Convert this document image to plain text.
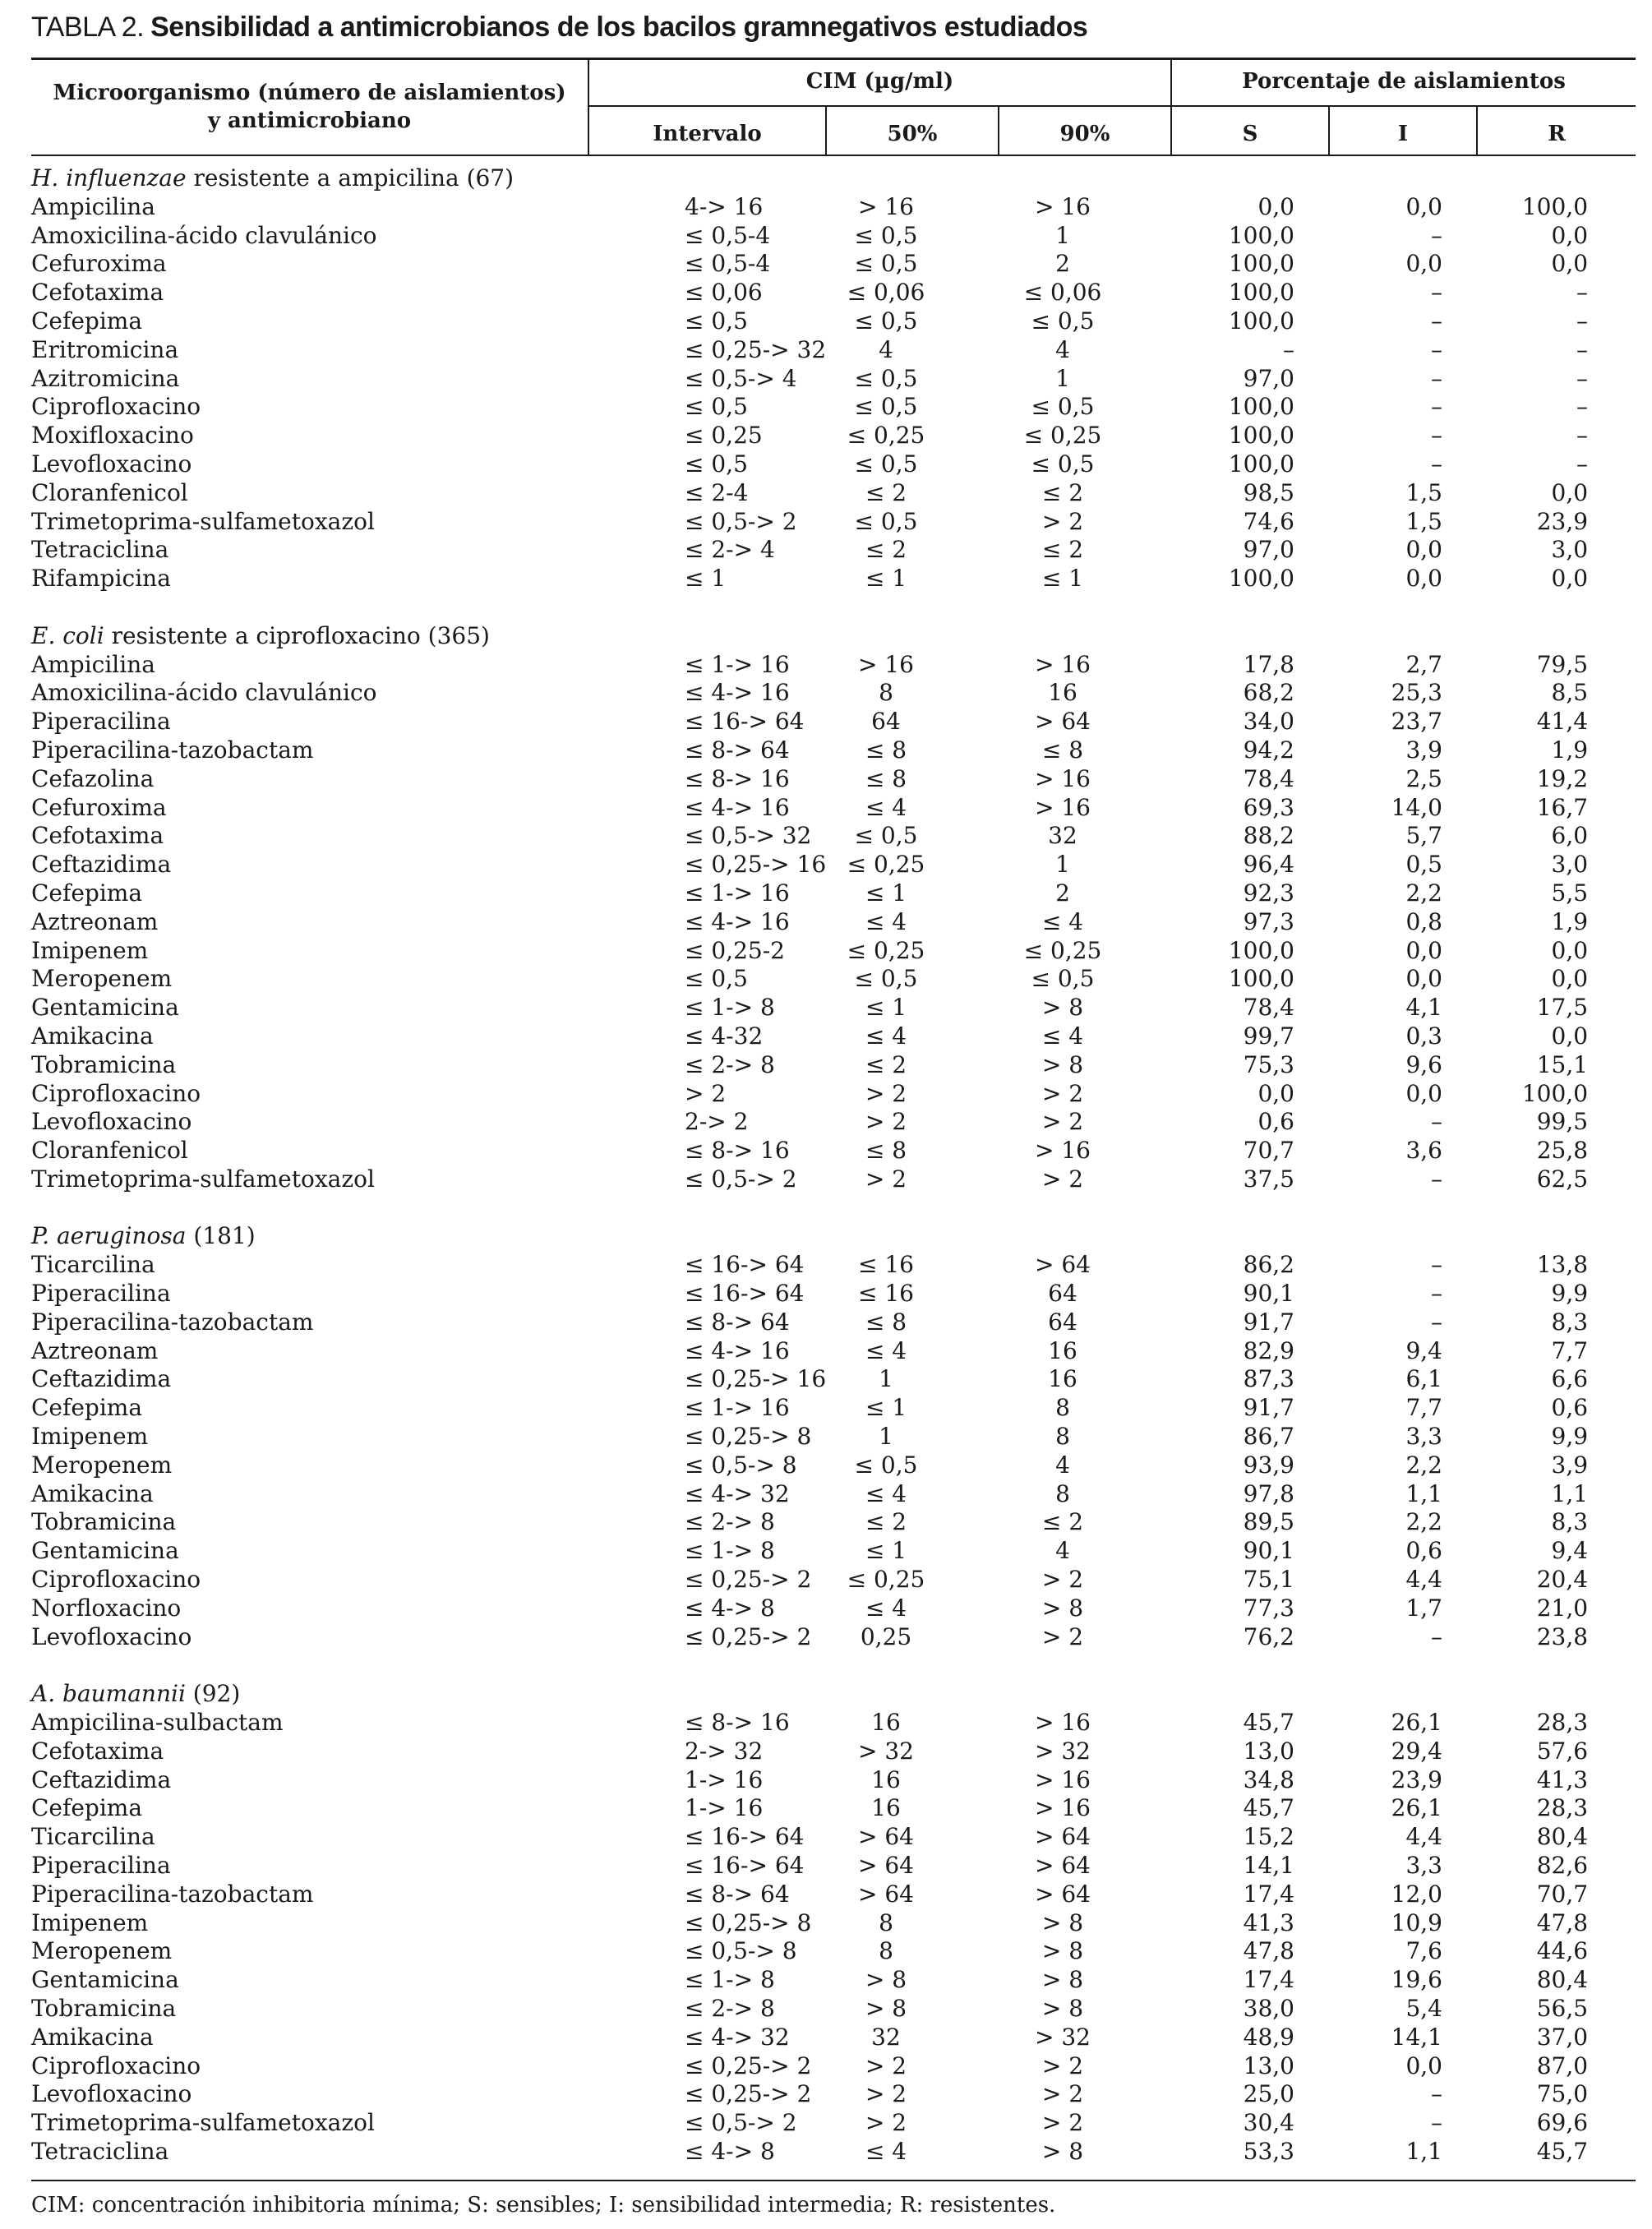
TABLA 2. Sensibilidad a antimicrobianos de los bacilos gramnegativos estudiados
Microorganismo (número de aislamientos)
y antimicrobiano
CIM (µg/ml)	Porcentaje de aislamientos
Intervalo	50%	90%	S	I	R
H. influenzae resistente a ampicilina (67)						
Ampicilina	4-> 16	> 16	> 16	0,0	0,0	100,0
Amoxicilina-ácido clavulánico	≤ 0,5-4	≤ 0,5	1	100,0	–	0,0
Cefuroxima	≤ 0,5-4	≤ 0,5	2	100,0	0,0	0,0
Cefotaxima	≤ 0,06	≤ 0,06	≤ 0,06	100,0	–	–
Cefepima	≤ 0,5	≤ 0,5	≤ 0,5	100,0	–	–
Eritromicina	≤ 0,25-> 32	4	4	–	–	–
Azitromicina	≤ 0,5-> 4	≤ 0,5	1	97,0	–	–
Ciprofloxacino	≤ 0,5	≤ 0,5	≤ 0,5	100,0	–	–
Moxifloxacino	≤ 0,25	≤ 0,25	≤ 0,25	100,0	–	–
Levofloxacino	≤ 0,5	≤ 0,5	≤ 0,5	100,0	–	–
Cloranfenicol	≤ 2-4	≤ 2	≤ 2	98,5	1,5	0,0
Trimetoprima-sulfametoxazol	≤ 0,5-> 2	≤ 0,5	> 2	74,6	1,5	23,9
Tetraciclina	≤ 2-> 4	≤ 2	≤ 2	97,0	0,0	3,0
Rifampicina	≤ 1	≤ 1	≤ 1	100,0	0,0	0,0

E. coli resistente a ciprofloxacino (365)						
Ampicilina	≤ 1-> 16	> 16	> 16	17,8	2,7	79,5
Amoxicilina-ácido clavulánico	≤ 4-> 16	8	16	68,2	25,3	8,5
Piperacilina	≤ 16-> 64	64	> 64	34,0	23,7	41,4
Piperacilina-tazobactam	≤ 8-> 64	≤ 8	≤ 8	94,2	3,9	1,9
Cefazolina	≤ 8-> 16	≤ 8	> 16	78,4	2,5	19,2
Cefuroxima	≤ 4-> 16	≤ 4	> 16	69,3	14,0	16,7
Cefotaxima	≤ 0,5-> 32	≤ 0,5	32	88,2	5,7	6,0
Ceftazidima	≤ 0,25-> 16	≤ 0,25	1	96,4	0,5	3,0
Cefepima	≤ 1-> 16	≤ 1	2	92,3	2,2	5,5
Aztreonam	≤ 4-> 16	≤ 4	≤ 4	97,3	0,8	1,9
Imipenem	≤ 0,25-2	≤ 0,25	≤ 0,25	100,0	0,0	0,0
Meropenem	≤ 0,5	≤ 0,5	≤ 0,5	100,0	0,0	0,0
Gentamicina	≤ 1-> 8	≤ 1	> 8	78,4	4,1	17,5
Amikacina	≤ 4-32	≤ 4	≤ 4	99,7	0,3	0,0
Tobramicina	≤ 2-> 8	≤ 2	> 8	75,3	9,6	15,1
Ciprofloxacino	> 2	> 2	> 2	0,0	0,0	100,0
Levofloxacino	2-> 2	> 2	> 2	0,6	–	99,5
Cloranfenicol	≤ 8-> 16	≤ 8	> 16	70,7	3,6	25,8
Trimetoprima-sulfametoxazol	≤ 0,5-> 2	> 2	> 2	37,5	–	62,5

P. aeruginosa (181)						
Ticarcilina	≤ 16-> 64	≤ 16	> 64	86,2	–	13,8
Piperacilina	≤ 16-> 64	≤ 16	64	90,1	–	9,9
Piperacilina-tazobactam	≤ 8-> 64	≤ 8	64	91,7	–	8,3
Aztreonam	≤ 4-> 16	≤ 4	16	82,9	9,4	7,7
Ceftazidima	≤ 0,25-> 16	1	16	87,3	6,1	6,6
Cefepima	≤ 1-> 16	≤ 1	8	91,7	7,7	0,6
Imipenem	≤ 0,25-> 8	1	8	86,7	3,3	9,9
Meropenem	≤ 0,5-> 8	≤ 0,5	4	93,9	2,2	3,9
Amikacina	≤ 4-> 32	≤ 4	8	97,8	1,1	1,1
Tobramicina	≤ 2-> 8	≤ 2	≤ 2	89,5	2,2	8,3
Gentamicina	≤ 1-> 8	≤ 1	4	90,1	0,6	9,4
Ciprofloxacino	≤ 0,25-> 2	≤ 0,25	> 2	75,1	4,4	20,4
Norfloxacino	≤ 4-> 8	≤ 4	> 8	77,3	1,7	21,0
Levofloxacino	≤ 0,25-> 2	0,25	> 2	76,2	–	23,8

A. baumannii (92)						
Ampicilina-sulbactam	≤ 8-> 16	16	> 16	45,7	26,1	28,3
Cefotaxima	2-> 32	> 32	> 32	13,0	29,4	57,6
Ceftazidima	1-> 16	16	> 16	34,8	23,9	41,3
Cefepima	1-> 16	16	> 16	45,7	26,1	28,3
Ticarcilina	≤ 16-> 64	> 64	> 64	15,2	4,4	80,4
Piperacilina	≤ 16-> 64	> 64	> 64	14,1	3,3	82,6
Piperacilina-tazobactam	≤ 8-> 64	> 64	> 64	17,4	12,0	70,7
Imipenem	≤ 0,25-> 8	8	> 8	41,3	10,9	47,8
Meropenem	≤ 0,5-> 8	8	> 8	47,8	7,6	44,6
Gentamicina	≤ 1-> 8	> 8	> 8	17,4	19,6	80,4
Tobramicina	≤ 2-> 8	> 8	> 8	38,0	5,4	56,5
Amikacina	≤ 4-> 32	32	> 32	48,9	14,1	37,0
Ciprofloxacino	≤ 0,25-> 2	> 2	> 2	13,0	0,0	87,0
Levofloxacino	≤ 0,25-> 2	> 2	> 2	25,0	–	75,0
Trimetoprima-sulfametoxazol	≤ 0,5-> 2	> 2	> 2	30,4	–	69,6
Tetraciclina	≤ 4-> 8	≤ 4	> 8	53,3	1,1	45,7
CIM: concentración inhibitoria mínima; S: sensibles; I: sensibilidad intermedia; R: resistentes.
